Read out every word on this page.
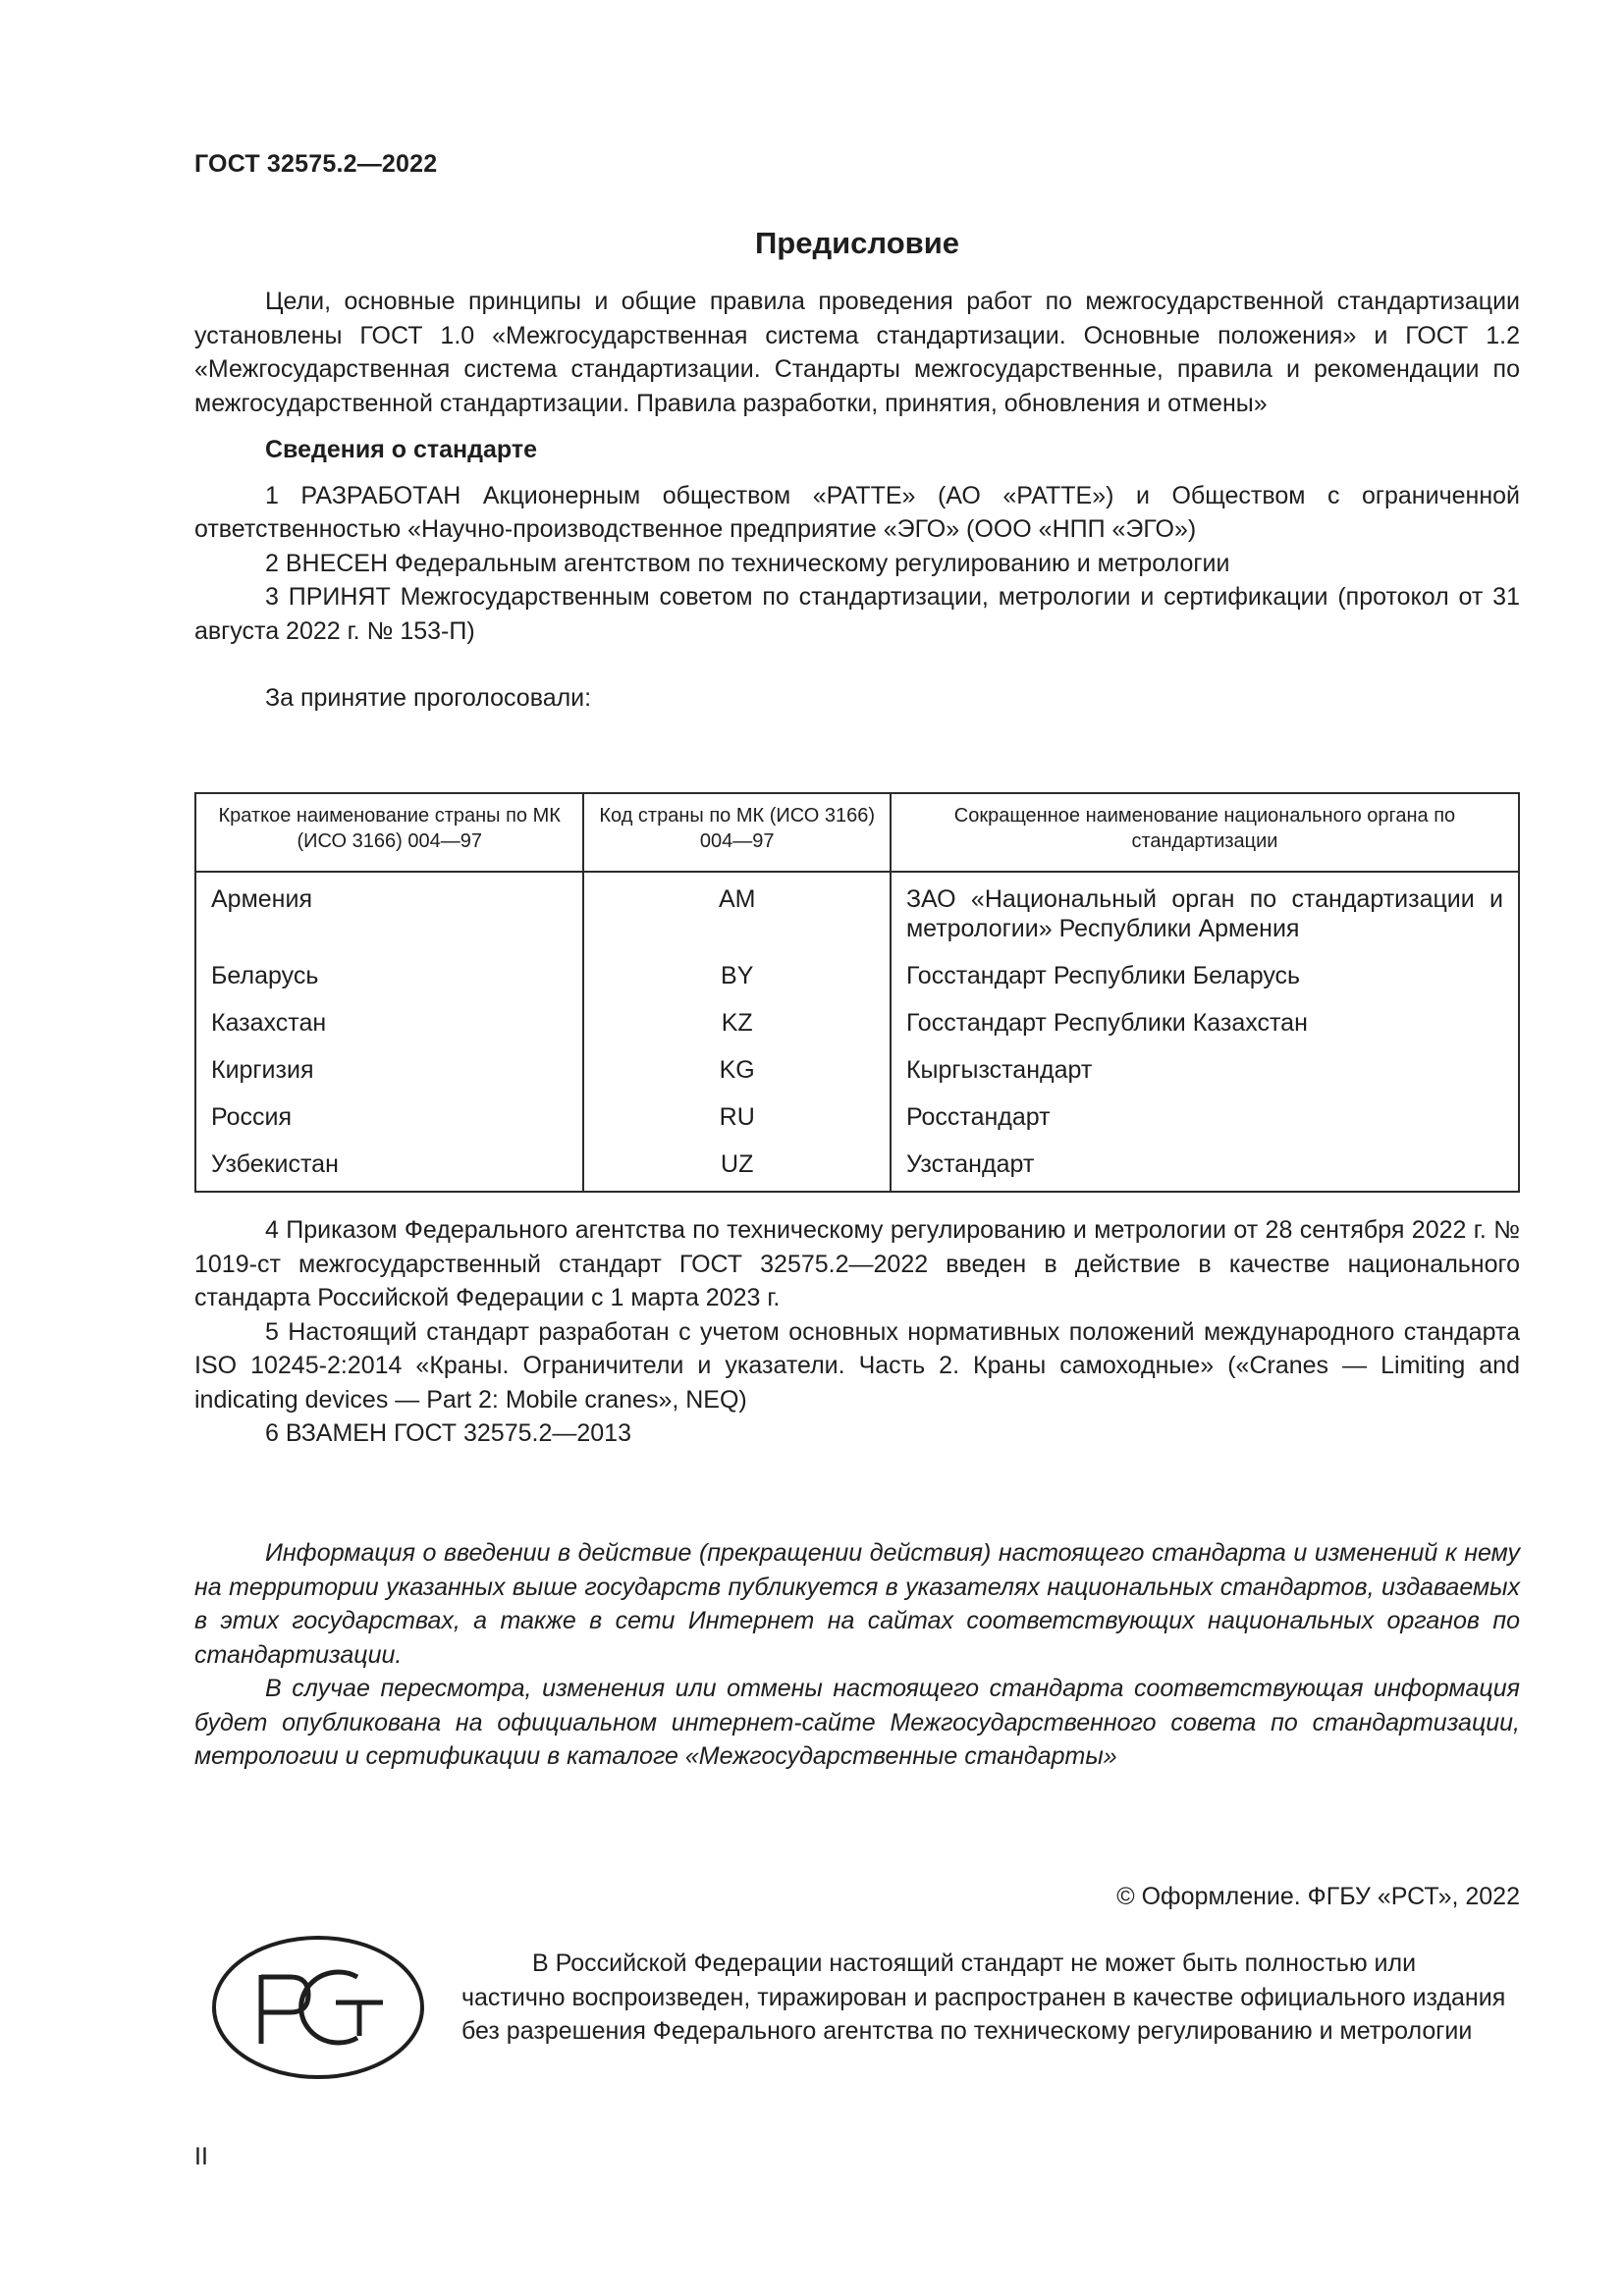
ГОСТ 32575.2—2022
Предисловие

Цели, основные принципы и общие правила проведения работ по межгосударственной стандартизации установлены ГОСТ 1.0 «Межгосударственная система стандартизации. Основные положения» и ГОСТ 1.2 «Межгосударственная система стандартизации. Стандарты межгосударственные, правила и рекомендации по межгосударственной стандартизации. Правила разработки, принятия, обновления и отмены»

Сведения о стандарте

1 РАЗРАБОТАН Акционерным обществом «РАТТЕ» (АО «РАТТЕ») и Обществом с ограниченной ответственностью «Научно-производственное предприятие «ЭГО» (ООО «НПП «ЭГО»)

2 ВНЕСЕН Федеральным агентством по техническому регулированию и метрологии

3 ПРИНЯТ Межгосударственным советом по стандартизации, метрологии и сертификации (протокол от 31 августа 2022 г. № 153-П)

За принятие проголосовали:

Краткое наименование страны по МК (ИСО 3166) 004—97	Код страны по МК (ИСО 3166) 004—97	Сокращенное наименование национального органа по стандартизации
Армения	AM	ЗАО «Национальный орган по стандартизации и метрологии» Республики Армения
Беларусь	BY	Госстандарт Республики Беларусь
Казахстан	KZ	Госстандарт Республики Казахстан
Киргизия	KG	Кыргызстандарт
Россия	RU	Росстандарт
Узбекистан	UZ	Узстандарт

4 Приказом Федерального агентства по техническому регулированию и метрологии от 28 сентября 2022 г. № 1019-ст межгосударственный стандарт ГОСТ 32575.2—2022 введен в действие в качестве национального стандарта Российской Федерации с 1 марта 2023 г.

5 Настоящий стандарт разработан с учетом основных нормативных положений международного стандарта ISO 10245-2:2014 «Краны. Ограничители и указатели. Часть 2. Краны самоходные» («Cranes — Limiting and indicating devices — Part 2: Mobile cranes», NEQ)

6 ВЗАМЕН ГОСТ 32575.2—2013

Информация о введении в действие (прекращении действия) настоящего стандарта и изменений к нему на территории указанных выше государств публикуется в указателях национальных стандартов, издаваемых в этих государствах, а также в сети Интернет на сайтах соответствующих национальных органов по стандартизации.

В случае пересмотра, изменения или отмены настоящего стандарта соответствующая информация будет опубликована на официальном интернет-сайте Межгосударственного совета по стандартизации, метрологии и сертификации в каталоге «Межгосударственные стандарты»

© Оформление. ФГБУ «РСТ», 2022

В Российской Федерации настоящий стандарт не может быть полностью или частично воспроизведен, тиражирован и распространен в качестве официального издания без разрешения Федерального агентства по техническому регулированию и метрологии

II
